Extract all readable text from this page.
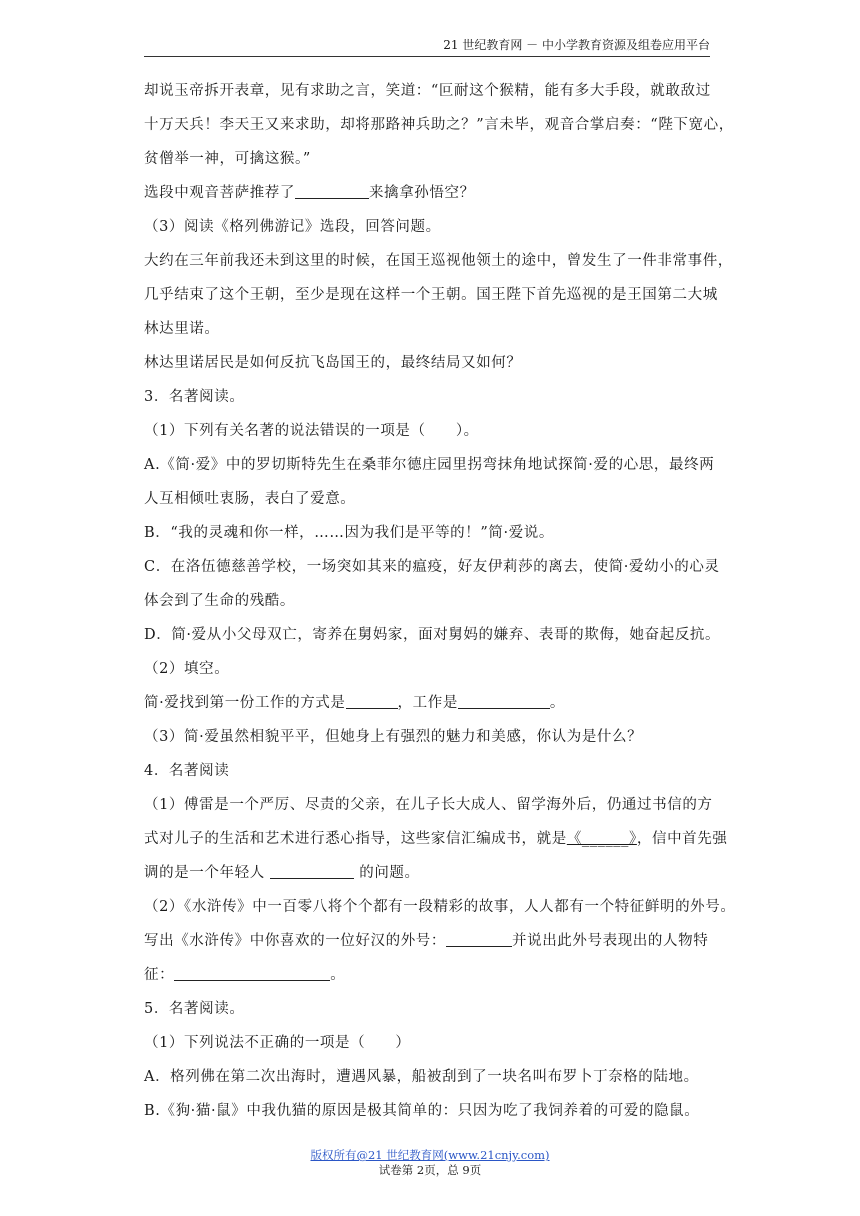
21 世纪教育网 － 中小学教育资源及组卷应用平台
却说玉帝拆开表章，见有求助之言，笑道：“叵耐这个猴精，能有多大手段，就敢敌过
十万天兵！李天王又来求助，却将那路神兵助之？”言未毕，观音合掌启奏：“陛下宽心，
贫僧举一神，可擒这猴。”
选段中观音菩萨推荐了	来擒拿孙悟空？
（3）阅读《格列佛游记》选段，回答问题。
大约在三年前我还未到这里的时候，在国王巡视他领土的途中，曾发生了一件非常事件，
几乎结束了这个王朝，至少是现在这样一个王朝。国王陛下首先巡视的是王国第二大城
林达里诺。
林达里诺居民是如何反抗飞岛国王的，最终结局又如何？
3．名著阅读。
（1）下列有关名著的说法错误的一项是（　　）。
A.《简·爱》中的罗切斯特先生在桑菲尔德庄园里拐弯抹角地试探简·爱的心思，最终两
人互相倾吐衷肠，表白了爱意。
B．“我的灵魂和你一样，……因为我们是平等的！”简·爱说。
C．在洛伍德慈善学校，一场突如其来的瘟疫，好友伊莉莎的离去，使简·爱幼小的心灵
体会到了生命的残酷。
D．简·爱从小父母双亡，寄养在舅妈家，面对舅妈的嫌弃、表哥的欺侮，她奋起反抗。
（2）填空。
简·爱找到第一份工作的方式是	，工作是	。
（3）简·爱虽然相貌平平，但她身上有强烈的魅力和美感，你认为是什么？
4．名著阅读
（1）傅雷是一个严厉、尽责的父亲，在儿子长大成人、留学海外后，仍通过书信的方
式对儿子的生活和艺术进行悉心指导，这些家信汇编成书，就是《______》，信中首先强
调的是一个年轻人	的问题。
（2）《水浒传》中一百零八将个个都有一段精彩的故事，人人都有一个特征鲜明的外号。
写出《水浒传》中你喜欢的一位好汉的外号：	并说出此外号表现出的人物特
征：	。
5．名著阅读。
（1）下列说法不正确的一项是（　　）
A．格列佛在第二次出海时，遭遇风暴，船被刮到了一块名叫布罗卜丁奈格的陆地。
B.《狗·猫·鼠》中我仇猫的原因是极其简单的：只因为吃了我饲养着的可爱的隐鼠。
版权所有@21 世纪教育网(www.21cnjy.com)
试卷第 2页，总 9页
